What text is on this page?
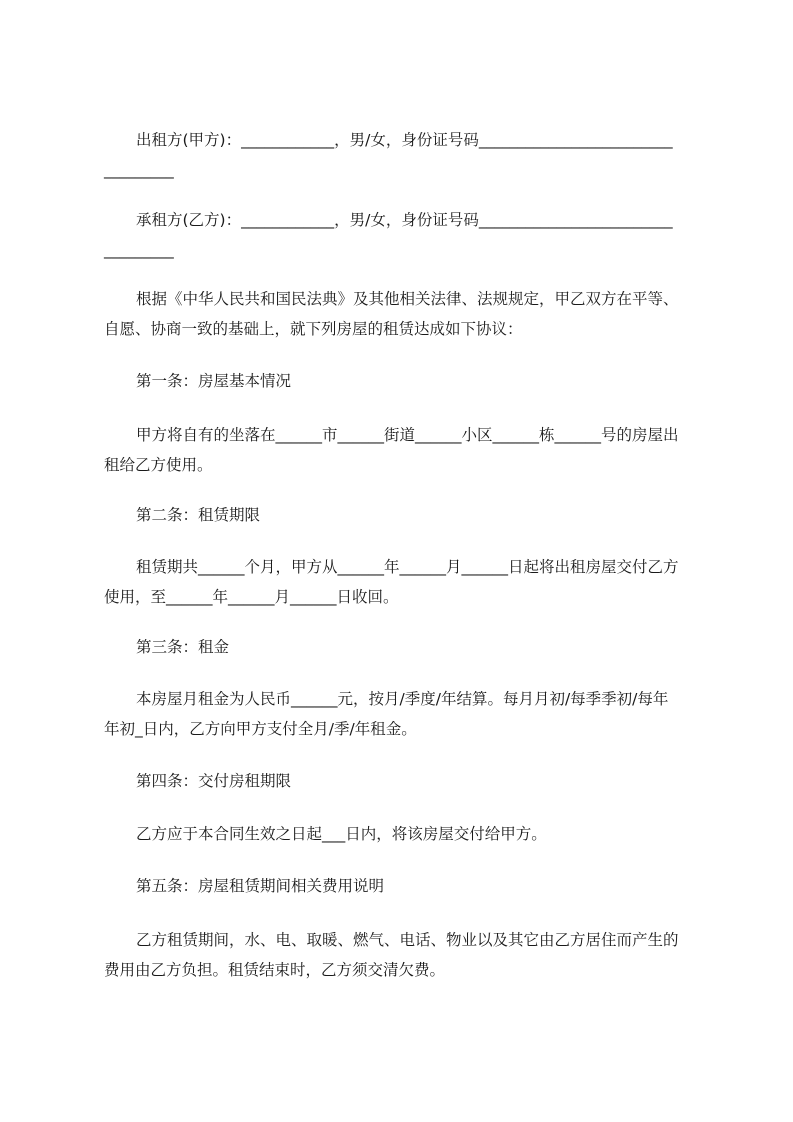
出租方(甲方)：____________，男/女，身份证号码_________________________
_________
承租方(乙方)：____________，男/女，身份证号码_________________________
_________
根据《中华人民共和国民法典》及其他相关法律、法规规定，甲乙双方在平等、
自愿、协商一致的基础上，就下列房屋的租赁达成如下协议：
第一条：房屋基本情况
甲方将自有的坐落在______市______街道______小区______栋______号的房屋出
租给乙方使用。
第二条：租赁期限
租赁期共______个月，甲方从______年______月______日起将出租房屋交付乙方
使用，至______年______月______日收回。
第三条：租金
本房屋月租金为人民币______元，按月/季度/年结算。每月月初/每季季初/每年
年初_日内，乙方向甲方支付全月/季/年租金。
第四条：交付房租期限
乙方应于本合同生效之日起___日内，将该房屋交付给甲方。
第五条：房屋租赁期间相关费用说明
乙方租赁期间，水、电、取暖、燃气、电话、物业以及其它由乙方居住而产生的
费用由乙方负担。租赁结束时，乙方须交清欠费。
